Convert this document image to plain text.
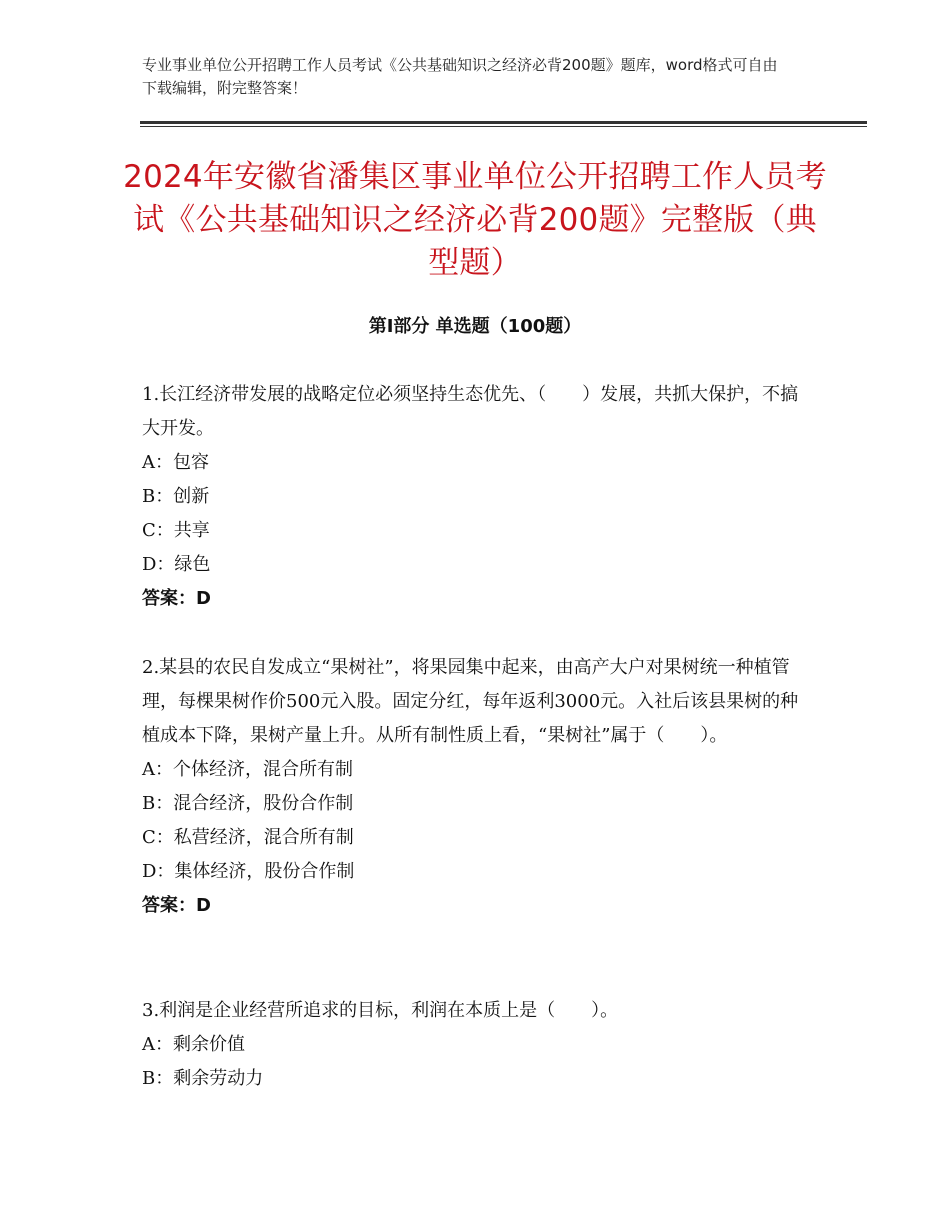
专业事业单位公开招聘工作人员考试《公共基础知识之经济必背200题》题库，word格式可自由下载编辑，附完整答案！
2024年安徽省潘集区事业单位公开招聘工作人员考试《公共基础知识之经济必背200题》完整版（典型题）
第Ⅰ部分 单选题（100题）

1.长江经济带发展的战略定位必须坚持生态优先、（　　）发展，共抓大保护，不搞大开发。

A：包容

B：创新

C：共享

D：绿色

答案：D

2.某县的农民自发成立“果树社”，将果园集中起来，由高产大户对果树统一种植管理，每棵果树作价500元入股。固定分红，每年返利3000元。入社后该县果树的种植成本下降，果树产量上升。从所有制性质上看，“果树社”属于（　　）。

A：个体经济，混合所有制

B：混合经济，股份合作制

C：私营经济，混合所有制

D：集体经济，股份合作制

答案：D

3.利润是企业经营所追求的目标，利润在本质上是（　　）。

A：剩余价值

B：剩余劳动力
